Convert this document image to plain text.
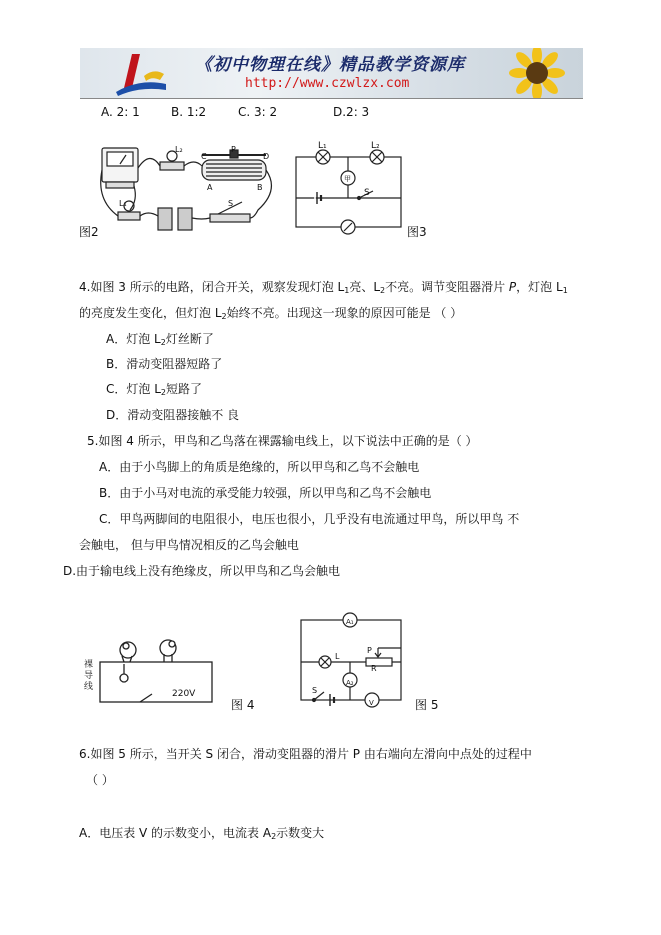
《初中物理在线》精品教学资源库
http://www.czwlzx.com
A. 2: 1	B. 1:2	C. 3: 2	D.2: 3
L₂
C
P
D
A	B
L₁	S
图2
L₁	L₂
甲
S
图3
4.如图 3 所示的电路，闭合开关，观察发现灯泡 $L_1$亮、$L_2$不亮。调节变阻器滑片 P，灯泡 $L_1$
的亮度发生变化，但灯泡 $L_2$始终不亮。出现这一现象的原因可能是 （ ）
A．灯泡 $L_2$灯丝断了
B．滑动变阻器短路了
C．灯泡 $L_2$短路了
D．滑动变阻器接触不 良
5.如图 4 所示，甲鸟和乙鸟落在裸露输电线上，以下说法中正确的是（ ）
A．由于小鸟脚上的角质是绝缘的，所以甲鸟和乙鸟不会触电
B．由于小马对电流的承受能力较强，所以甲鸟和乙鸟不会触电
C．甲鸟两脚间的电阻很小，电压也很小，几乎没有电流通过甲鸟，所以甲鸟 不
会触电， 但与甲鸟情况相反的乙鸟会触电
D.由于输电线上没有绝缘皮，所以甲鸟和乙鸟会触电
裸导线
220V
图 4
A₁
L
P
R
A₂
V
S
图 5
6.如图 5 所示，当开关 S 闭合，滑动变阻器的滑片 P 由右端向左滑向中点处的过程中
（ ）
A．电压表 V 的示数变小，电流表 $A_2$示数变大
